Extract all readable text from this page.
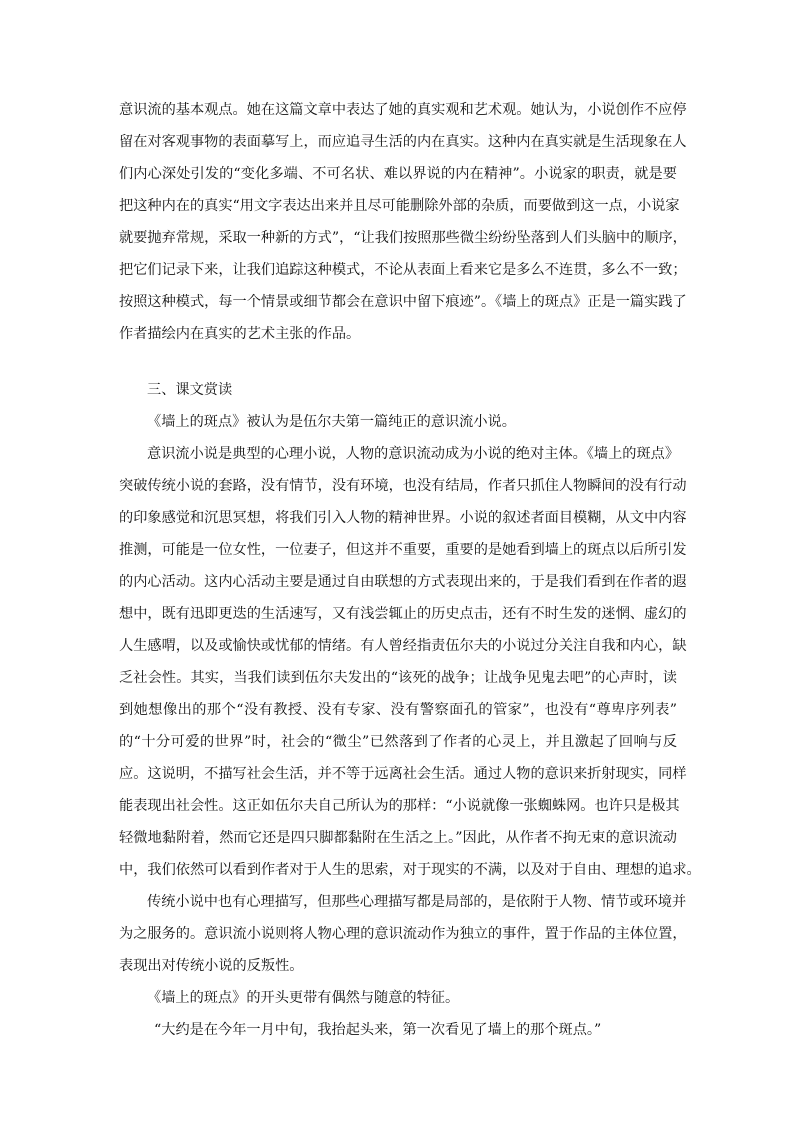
意识流的基本观点。她在这篇文章中表达了她的真实观和艺术观。她认为，小说创作不应停
留在对客观事物的表面摹写上，而应追寻生活的内在真实。这种内在真实就是生活现象在人
们内心深处引发的“变化多端、不可名状、难以界说的内在精神”。小说家的职责，就是要
把这种内在的真实“用文字表达出来并且尽可能删除外部的杂质，而要做到这一点，小说家
就要抛弃常规，采取一种新的方式”，“让我们按照那些微尘纷纷坠落到人们头脑中的顺序，
把它们记录下来，让我们追踪这种模式，不论从表面上看来它是多么不连贯，多么不一致；
按照这种模式，每一个情景或细节都会在意识中留下痕迹”。《墙上的斑点》正是一篇实践了
作者描绘内在真实的艺术主张的作品。
三、课文赏读
《墙上的斑点》被认为是伍尔夫第一篇纯正的意识流小说。
意识流小说是典型的心理小说，人物的意识流动成为小说的绝对主体。《墙上的斑点》
突破传统小说的套路，没有情节，没有环境，也没有结局，作者只抓住人物瞬间的没有行动
的印象感觉和沉思冥想，将我们引入人物的精神世界。小说的叙述者面目模糊，从文中内容
推测，可能是一位女性，一位妻子，但这并不重要，重要的是她看到墙上的斑点以后所引发
的内心活动。这内心活动主要是通过自由联想的方式表现出来的，于是我们看到在作者的遐
想中，既有迅即更迭的生活速写，又有浅尝辄止的历史点击，还有不时生发的迷惘、虚幻的
人生感喟，以及或愉快或忧郁的情绪。有人曾经指责伍尔夫的小说过分关注自我和内心，缺
乏社会性。其实，当我们读到伍尔夫发出的“该死的战争；让战争见鬼去吧”的心声时，读
到她想像出的那个“没有教授、没有专家、没有警察面孔的管家”，也没有“尊卑序列表”
的“十分可爱的世界”时，社会的“微尘”已然落到了作者的心灵上，并且激起了回响与反
应。这说明，不描写社会生活，并不等于远离社会生活。通过人物的意识来折射现实，同样
能表现出社会性。这正如伍尔夫自己所认为的那样：“小说就像一张蜘蛛网。也许只是极其
轻微地黏附着，然而它还是四只脚都黏附在生活之上。”因此，从作者不拘无束的意识流动
中，我们依然可以看到作者对于人生的思索，对于现实的不满，以及对于自由、理想的追求。
传统小说中也有心理描写，但那些心理描写都是局部的，是依附于人物、情节或环境并
为之服务的。意识流小说则将人物心理的意识流动作为独立的事件，置于作品的主体位置，
表现出对传统小说的反叛性。
《墙上的斑点》的开头更带有偶然与随意的特征。
“大约是在今年一月中旬，我抬起头来，第一次看见了墙上的那个斑点。”
